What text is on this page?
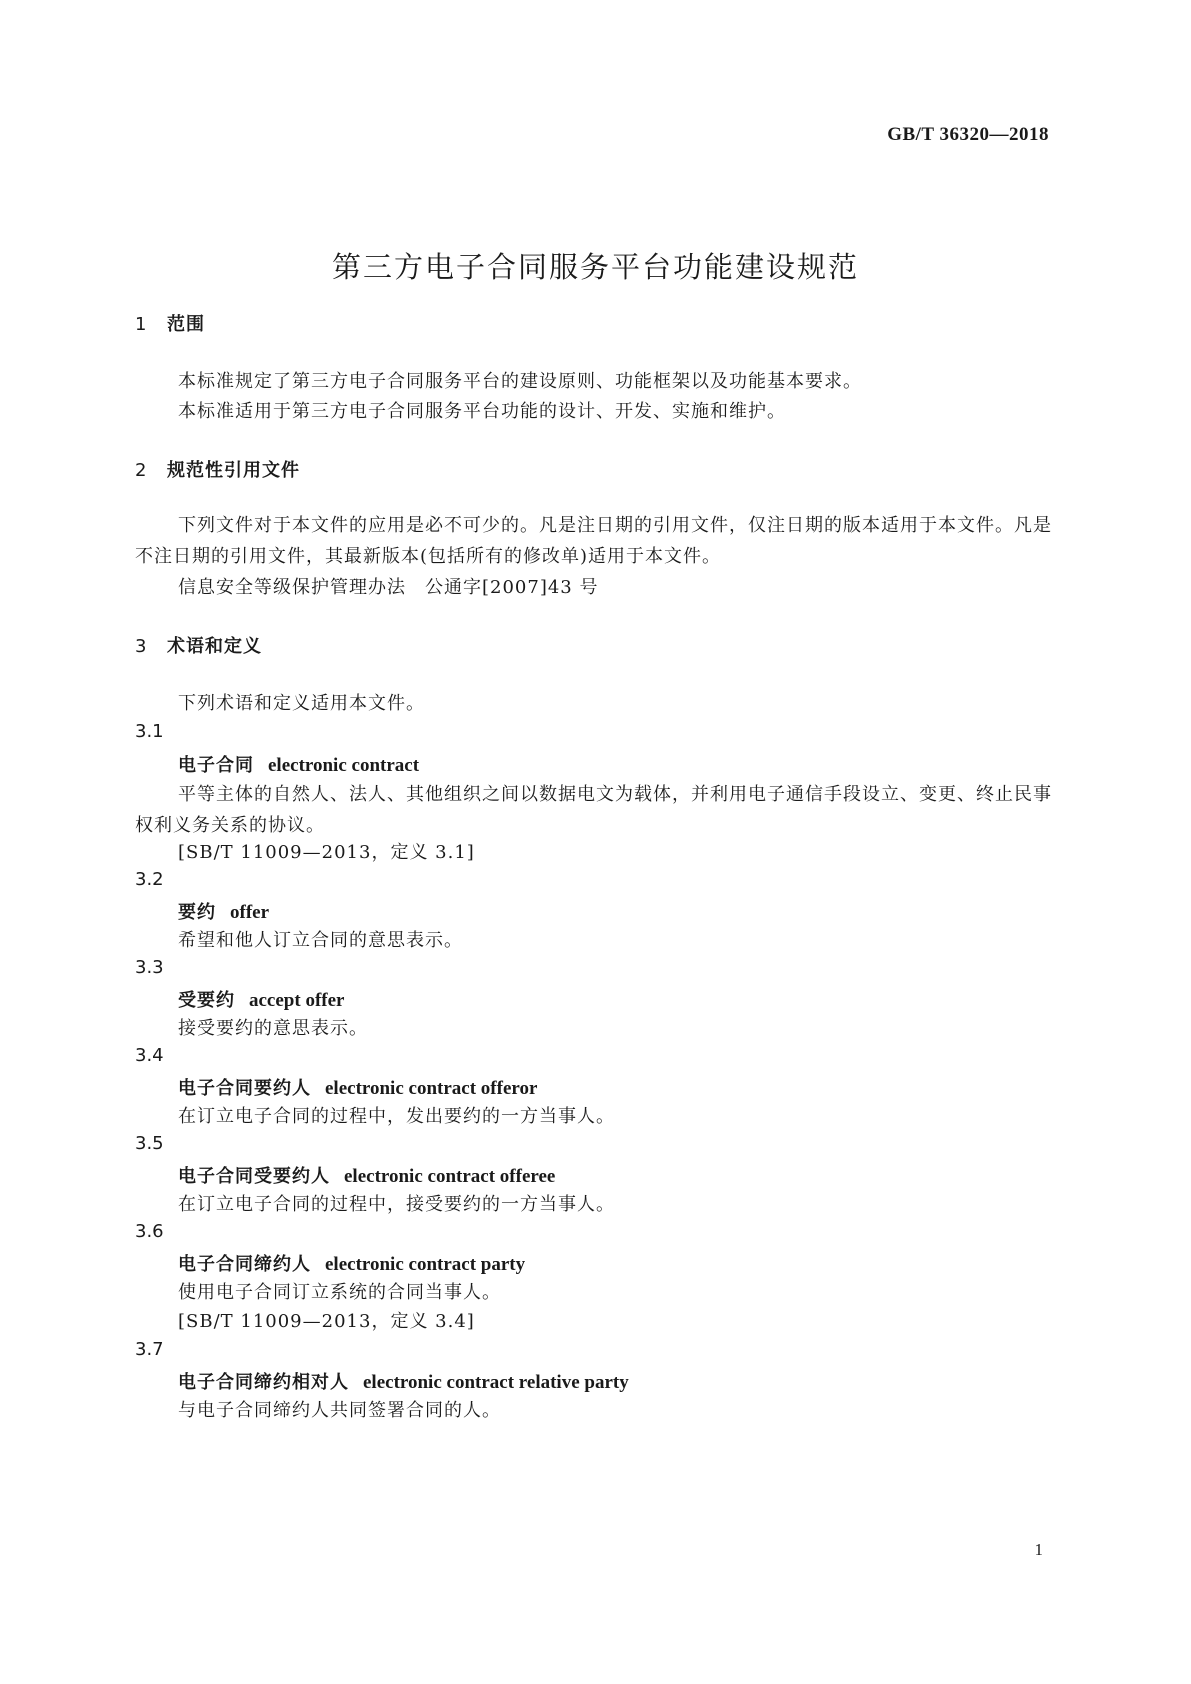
GB/T 36320—2018
第三方电子合同服务平台功能建设规范
1 范围
本标准规定了第三方电子合同服务平台的建设原则、功能框架以及功能基本要求。
本标准适用于第三方电子合同服务平台功能的设计、开发、实施和维护。
2 规范性引用文件
下列文件对于本文件的应用是必不可少的。凡是注日期的引用文件，仅注日期的版本适用于本文件。凡是不注日期的引用文件，其最新版本(包括所有的修改单)适用于本文件。
信息安全等级保护管理办法　公通字[2007]43 号
3 术语和定义
下列术语和定义适用本文件。
3.1
电子合同 electronic contract
平等主体的自然人、法人、其他组织之间以数据电文为载体，并利用电子通信手段设立、变更、终止民事权利义务关系的协议。
[SB/T 11009—2013，定义 3.1]
3.2
要约 offer
希望和他人订立合同的意思表示。
3.3
受要约 accept offer
接受要约的意思表示。
3.4
电子合同要约人 electronic contract offeror
在订立电子合同的过程中，发出要约的一方当事人。
3.5
电子合同受要约人 electronic contract offeree
在订立电子合同的过程中，接受要约的一方当事人。
3.6
电子合同缔约人 electronic contract party
使用电子合同订立系统的合同当事人。
[SB/T 11009—2013，定义 3.4]
3.7
电子合同缔约相对人 electronic contract relative party
与电子合同缔约人共同签署合同的人。
1
